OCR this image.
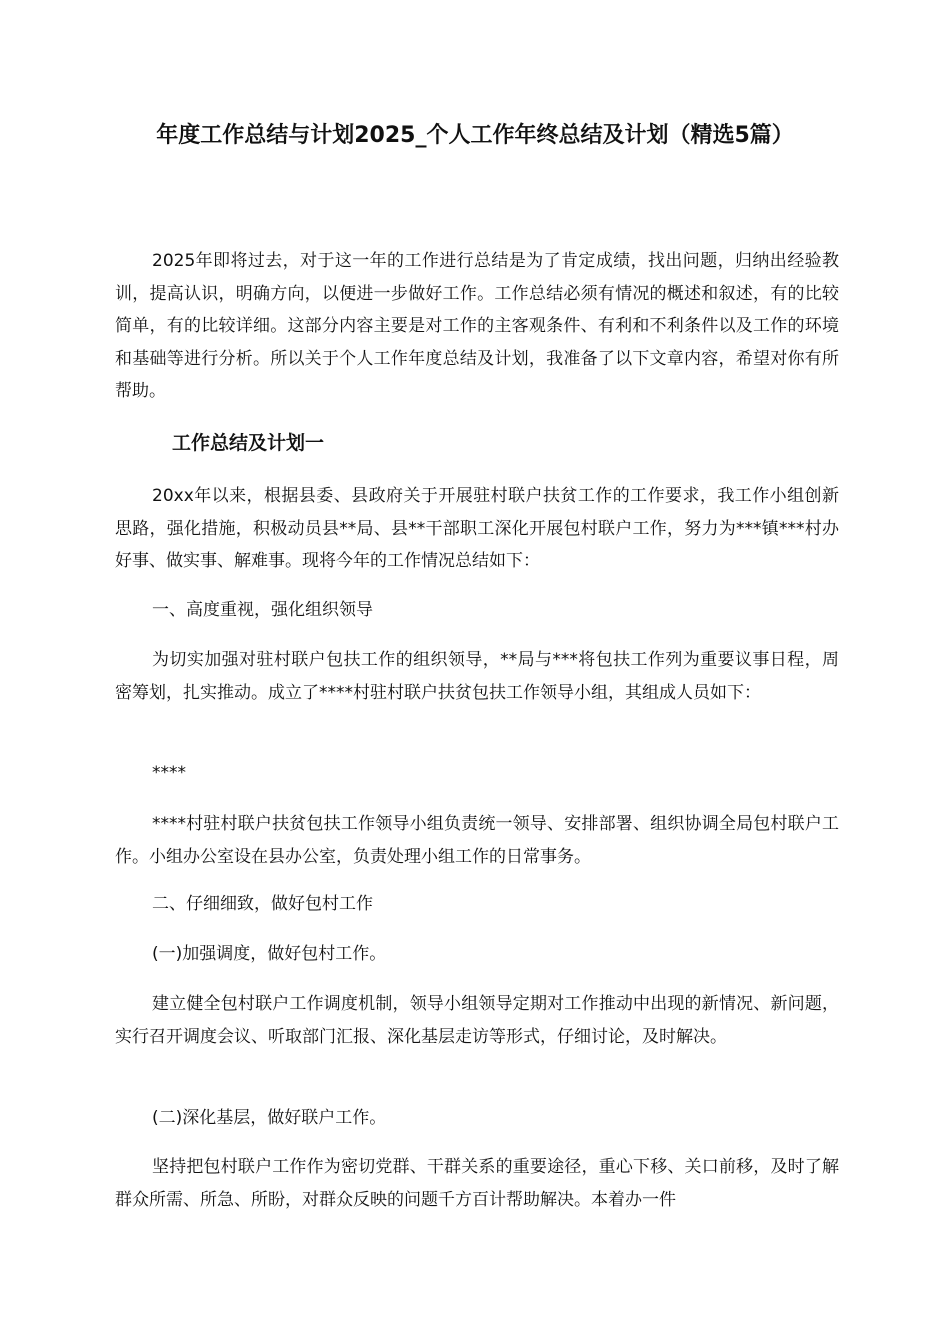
年度工作总结与计划2025_个人工作年终总结及计划（精选5篇）

2025年即将过去，对于这一年的工作进行总结是为了肯定成绩，找出问题，归纳出经验教训，提高认识，明确方向，以便进一步做好工作。工作总结必须有情况的概述和叙述，有的比较简单，有的比较详细。这部分内容主要是对工作的主客观条件、有利和不利条件以及工作的环境和基础等进行分析。所以关于个人工作年度总结及计划，我准备了以下文章内容，希望对你有所帮助。

工作总结及计划一

20xx年以来，根据县委、县政府关于开展驻村联户扶贫工作的工作要求，我工作小组创新思路，强化措施，积极动员县**局、县**干部职工深化开展包村联户工作，努力为***镇***村办好事、做实事、解难事。现将今年的工作情况总结如下：

一、高度重视，强化组织领导

为切实加强对驻村联户包扶工作的组织领导，**局与***将包扶工作列为重要议事日程，周密筹划，扎实推动。成立了****村驻村联户扶贫包扶工作领导小组，其组成人员如下：

****

****村驻村联户扶贫包扶工作领导小组负责统一领导、安排部署、组织协调全局包村联户工作。小组办公室设在县办公室，负责处理小组工作的日常事务。

二、仔细细致，做好包村工作

(一)加强调度，做好包村工作。

建立健全包村联户工作调度机制，领导小组领导定期对工作推动中出现的新情况、新问题，实行召开调度会议、听取部门汇报、深化基层走访等形式，仔细讨论，及时解决。

(二)深化基层，做好联户工作。

坚持把包村联户工作作为密切党群、干群关系的重要途径，重心下移、关口前移，及时了解群众所需、所急、所盼，对群众反映的问题千方百计帮助解决。本着办一件
